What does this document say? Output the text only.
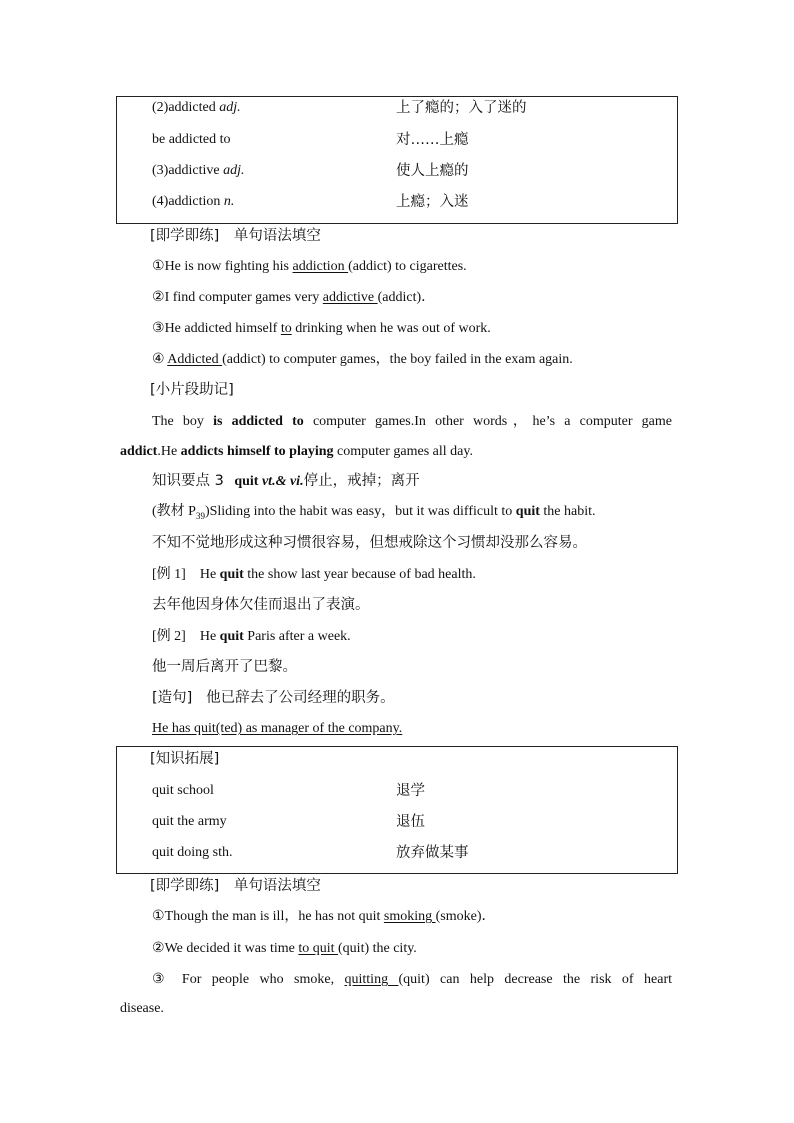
(2)addicted adj.	上了瘾的；入了迷的
be addicted to	对……上瘾
(3)addictive adj.	使人上瘾的
(4)addiction n.	上瘾；入迷
[即学即练]　单句语法填空
①He is now fighting his addiction (addict) to cigarettes.
②I find computer games very addictive (addict)．
③He addicted himself to drinking when he was out of work.
④ Addicted (addict) to computer games，the boy failed in the exam again.
[小片段助记]
The boy is addicted to computer games.In other words，he’s a computer game
addict.He addicts himself to playing computer games all day.
知识要点 3 quit vt.& vi.停止，戒掉；离开
(教材 $P_{39})Sliding$ into the habit was easy，but it was difficult to quit the habit.
不知不觉地形成这种习惯很容易，但想戒除这个习惯却没那么容易。
[例 1] He quit the show last year because of bad health.
去年他因身体欠佳而退出了表演。
[例 2] He quit Paris after a week.
他一周后离开了巴黎。
[造句] 他已辞去了公司经理的职务。
He has quit(ted) as manager of the company.
[知识拓展]
quit school	退学
quit the army	退伍
quit doing sth.	放弃做某事
[即学即练]　单句语法填空
①Though the man is ill，he has not quit smoking (smoke)．
②We decided it was time to quit (quit) the city.
③ For people who smoke, quitting (quit) can help decrease the risk of heart
disease.
